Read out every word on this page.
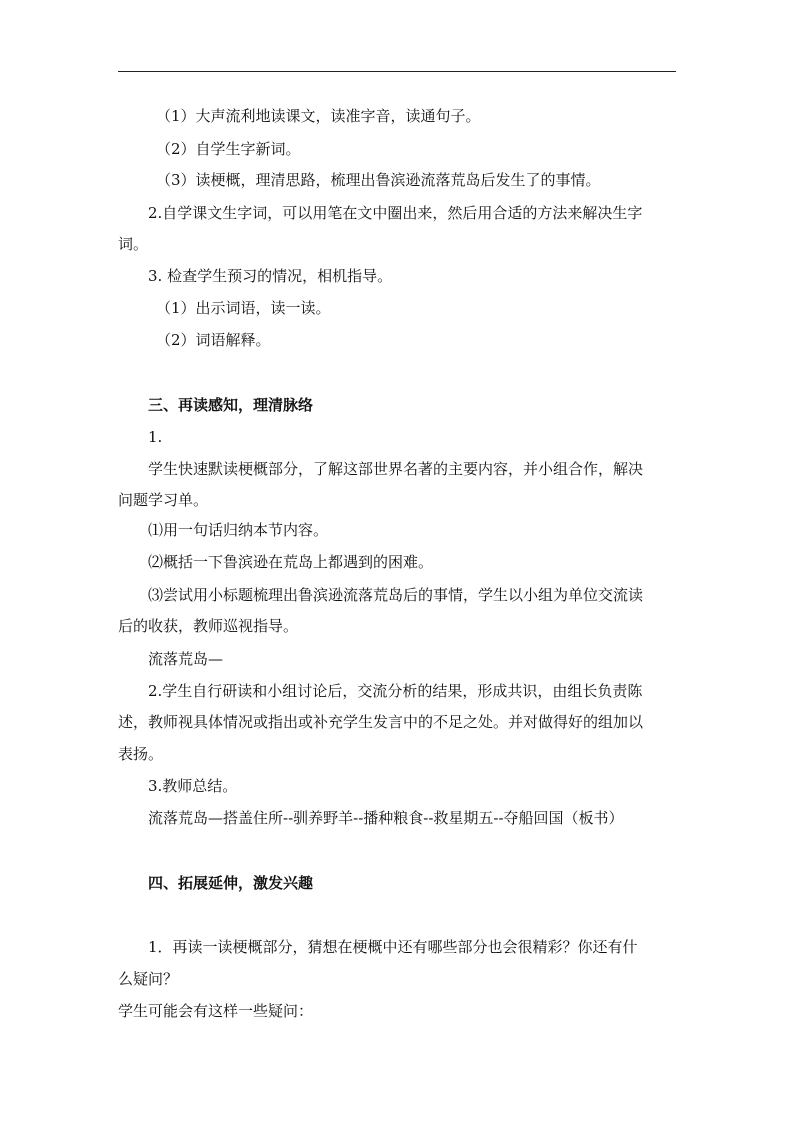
（1）大声流利地读课文，读准字音，读通句子。
（2）自学生字新词。
（3）读梗概，理清思路，梳理出鲁滨逊流落荒岛后发生了的事情。
2.自学课文生字词，可以用笔在文中圈出来，然后用合适的方法来解决生字
词。
3. 检查学生预习的情况，相机指导。
（1）出示词语，读一读。
（2）词语解释。
三、再读感知，理清脉络
1.
学生快速默读梗概部分，了解这部世界名著的主要内容，并小组合作，解决
问题学习单。
⑴用一句话归纳本节内容。
⑵概括一下鲁滨逊在荒岛上都遇到的困难。
⑶尝试用小标题梳理出鲁滨逊流落荒岛后的事情，学生以小组为单位交流读
后的收获，教师巡视指导。
流落荒岛—
2.学生自行研读和小组讨论后，交流分析的结果，形成共识，由组长负责陈
述，教师视具体情况或指出或补充学生发言中的不足之处。并对做得好的组加以
表扬。
3.教师总结。
流落荒岛—搭盖住所--驯养野羊--播种粮食--救星期五--夺船回国（板书）
四、拓展延伸，激发兴趣
1．再读一读梗概部分，猜想在梗概中还有哪些部分也会很精彩？你还有什
么疑问？
学生可能会有这样一些疑问：
